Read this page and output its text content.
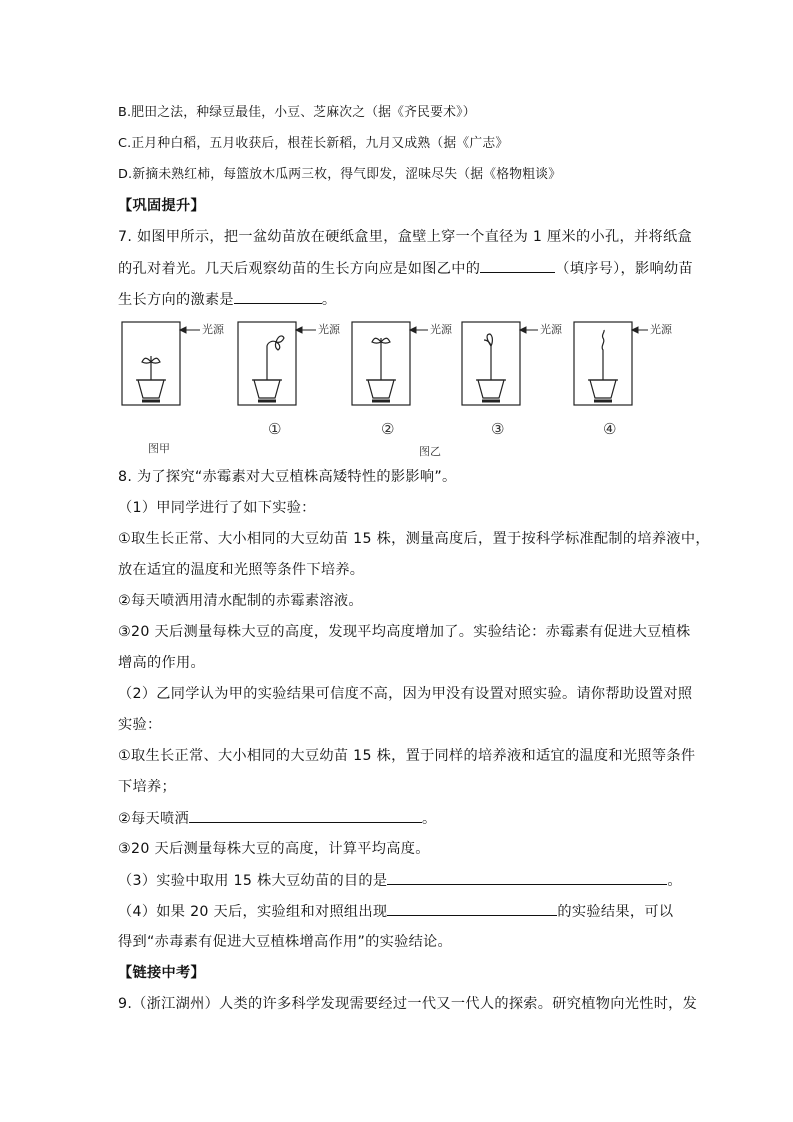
B.肥田之法，种绿豆最佳，小豆、芝麻次之（据《齐民要术》）
C.正月种白稻，五月收获后，根茬长新稻，九月又成熟（据《广志》
D.新摘未熟红柿，每篮放木瓜两三枚，得气即发，涩味尽失（据《格物粗谈》
【巩固提升】
7. 如图甲所示，把一盆幼苗放在硬纸盒里，盒壁上穿一个直径为 1 厘米的小孔，并将纸盒
的孔对着光。几天后观察幼苗的生长方向应是如图乙中的	（填序号），影响幼苗
生长方向的激素是	。
光源	光源	光源	光源	光源
图甲
①	②
图乙
③	④
8. 为了探究“赤霉素对大豆植株高矮特性的影影响”。
（1）甲同学进行了如下实验：
①取生长正常、大小相同的大豆幼苗 15 株，测量高度后，置于按科学标准配制的培养液中，
放在适宜的温度和光照等条件下培养。
②每天喷洒用清水配制的赤霉素溶液。
③20 天后测量每株大豆的高度，发现平均高度增加了。实验结论：赤霉素有促进大豆植株
增高的作用。
（2）乙同学认为甲的实验结果可信度不高，因为甲没有设置对照实验。请你帮助设置对照
实验：
①取生长正常、大小相同的大豆幼苗 15 株，置于同样的培养液和适宜的温度和光照等条件
下培养；
②每天喷洒	。
③20 天后测量每株大豆的高度，计算平均高度。
（3）实验中取用 15 株大豆幼苗的目的是	。
（4）如果 20 天后，实验组和对照组出现	的实验结果，可以
得到“赤毒素有促进大豆植株增高作用”的实验结论。
【链接中考】
9.（浙江湖州）人类的许多科学发现需要经过一代又一代人的探索。研究植物向光性时，发
